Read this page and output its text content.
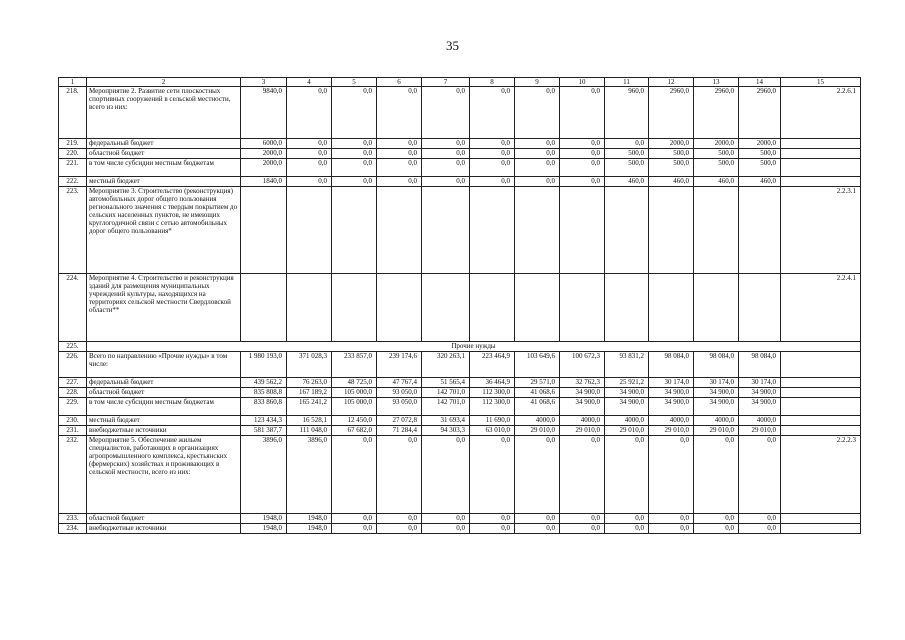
35
1	2	3	4	5	6	7	8	9	10	11	12	13	14	15
218.	Мероприятие 2. Развитие сети плоскостных спортивных сооружений в сельской местности, всего из них:	9840,0	0,0	0,0	0,0	0,0	0,0	0,0	0,0	960,0	2960,0	2960,0	2960,0	2.2.6.1
219.	федеральный бюджет	6000,0	0,0	0,0	0,0	0,0	0,0	0,0	0,0	0,0	2000,0	2000,0	2000,0	
220.	областной бюджет	2000,0	0,0	0,0	0,0	0,0	0,0	0,0	0,0	500,0	500,0	500,0	500,0	
221.	в том числе субсидии местным бюджетам	2000,0	0,0	0,0	0,0	0,0	0,0	0,0	0,0	500,0	500,0	500,0	500,0	
222.	местный бюджет	1840,0	0,0	0,0	0,0	0,0	0,0	0,0	0,0	460,0	460,0	460,0	460,0	
223.	Мероприятие 3. Строительство (реконструкция) автомобильных дорог общего пользования регионального значения с твердым покрытием до сельских населенных пунктов, не имеющих круглогодичной связи с сетью автомобильных дорог общего пользования*													2.2.3.1
224.	Мероприятие 4. Строительство и реконструкция зданий для размещения муниципальных учреждений культуры, находящихся на территориях сельской местности Свердловской области**													2.2.4.1
225.	Прочие нужды													
226.	Всего по направлению «Прочие нужды» в том числе:	1 980 193,0	371 028,3	233 857,0	239 174,6	320 263,1	223 464,9	103 649,6	100 672,3	93 831,2	98 084,0	98 084,0	98 084,0	
227.	федеральный бюджет	439 562,2	76 263,0	48 725,0	47 767,4	51 565,4	36 464,9	29 571,0	32 762,3	25 921,2	30 174,0	30 174,0	30 174,0	
228.	областной бюджет	835 808,8	167 189,2	105 000,0	93 050,0	142 701,0	112 300,0	41 068,6	34 900,0	34 900,0	34 900,0	34 900,0	34 900,0	
229.	в том числе субсидии местным бюджетам	833 860,8	165 241,2	105 000,0	93 050,0	142 701,0	112 300,0	41 068,6	34 900,0	34 900,0	34 900,0	34 900,0	34 900,0	
230.	местный бюджет	123 434,3	16 528,1	12 450,0	27 072,8	31 693,4	11 690,0	4000,0	4000,0	4000,0	4000,0	4000,0	4000,0	
231.	внебюджетные источники	581 387,7	111 048,0	67 682,0	71 284,4	94 303,3	63 010,0	29 010,0	29 010,0	29 010,0	29 010,0	29 010,0	29 010,0	
232.	Мероприятие 5. Обеспечение жильем специалистов, работающих в организациях агропромышленного комплекса, крестьянских (фермерских) хозяйствах и проживающих в сельской местности, всего из них:	3896,0	3896,0	0,0	0,0	0,0	0,0	0,0	0,0	0,0	0,0	0,0	0,0	2.2.2.3
233.	областной бюджет	1948,0	1948,0	0,0	0,0	0,0	0,0	0,0	0,0	0,0	0,0	0,0	0,0	
234.	внебюджетные источники	1948,0	1948,0	0,0	0,0	0,0	0,0	0,0	0,0	0,0	0,0	0,0	0,0	
